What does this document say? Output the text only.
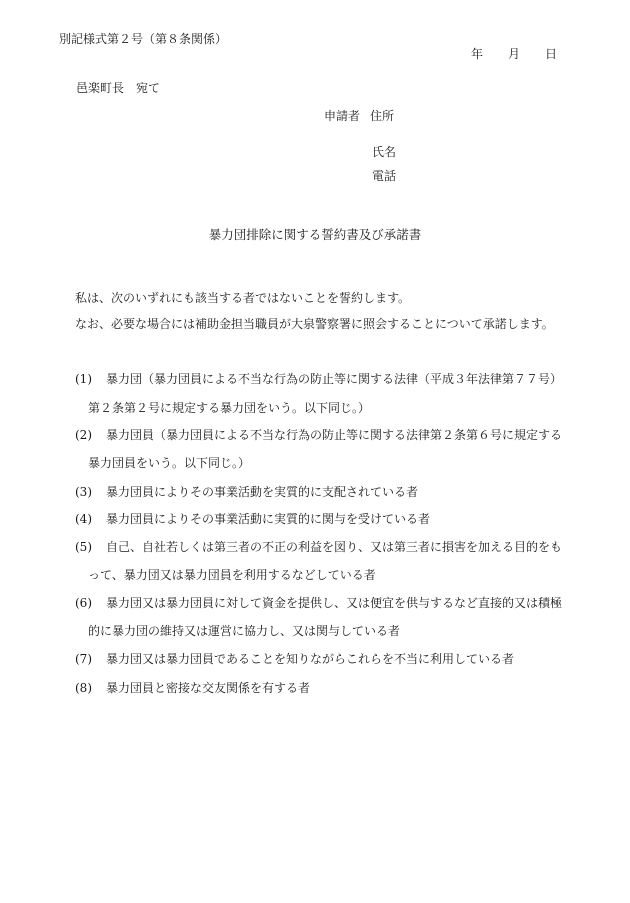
別記様式第２号（第８条関係）
年 月 日
邑楽町長　宛て
申請者 住所
氏名
電話
暴力団排除に関する誓約書及び承諾書
私は、次のいずれにも該当する者ではないことを誓約します。
なお、必要な場合には補助金担当職員が大泉警察署に照会することについて承諾します。
(1) 暴力団（暴力団員による不当な行為の防止等に関する法律（平成３年法律第７７号）
第２条第２号に規定する暴力団をいう。以下同じ。）
(2) 暴力団員（暴力団員による不当な行為の防止等に関する法律第２条第６号に規定する
暴力団員をいう。以下同じ。）
(3) 暴力団員によりその事業活動を実質的に支配されている者
(4) 暴力団員によりその事業活動に実質的に関与を受けている者
(5) 自己、自社若しくは第三者の不正の利益を図り、又は第三者に損害を加える目的をも
って、暴力団又は暴力団員を利用するなどしている者
(6) 暴力団又は暴力団員に対して資金を提供し、又は便宜を供与するなど直接的又は積極
的に暴力団の維持又は運営に協力し、又は関与している者
(7) 暴力団又は暴力団員であることを知りながらこれらを不当に利用している者
(8) 暴力団員と密接な交友関係を有する者
